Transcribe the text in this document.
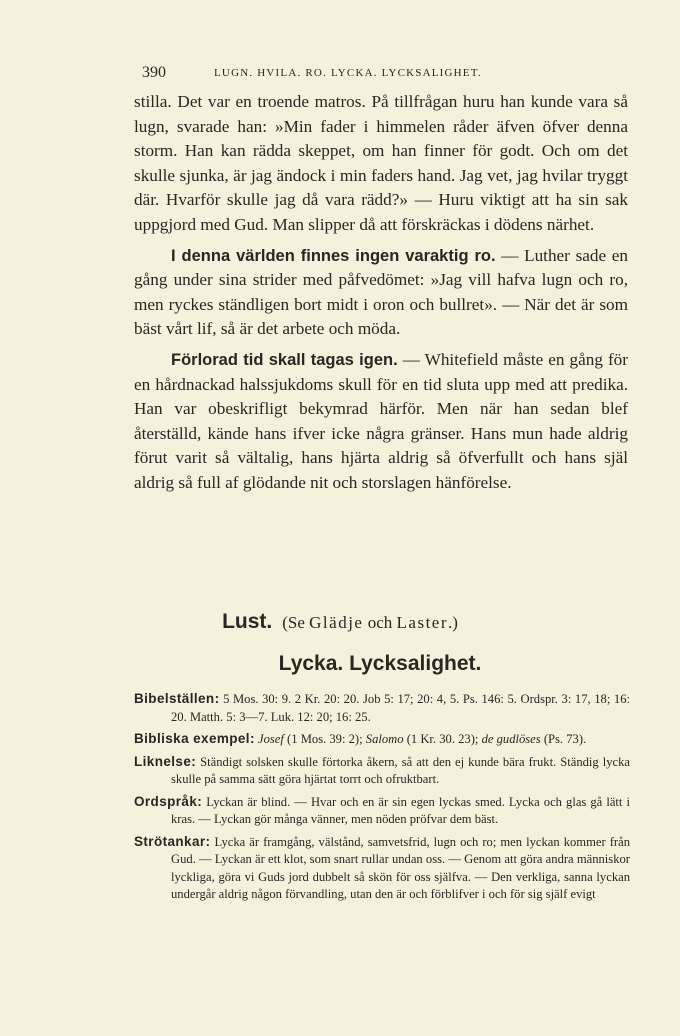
390	LUGN. HVILA. RO. LYCKA. LYCKSALIGHET.

stilla. Det var en troende matros. På tillfrågan huru han kunde vara så lugn, svarade han: »Min fader i himmelen råder äfven öfver denna storm. Han kan rädda skeppet, om han finner för godt. Och om det skulle sjunka, är jag ändock i min faders hand. Jag vet, jag hvilar tryggt där. Hvarför skulle jag då vara rädd?» — Huru viktigt att ha sin sak uppgjord med Gud. Man slipper då att förskräckas i dödens närhet.

I denna världen finnes ingen varaktig ro. — Luther sade en gång under sina strider med påfvedömet: »Jag vill hafva lugn och ro, men ryckes ständligen bort midt i oron och bullret». — När det är som bäst vårt lif, så är det arbete och möda.

Förlorad tid skall tagas igen. — Whitefield måste en gång för en hårdnackad halssjukdoms skull för en tid sluta upp med att predika. Han var obeskrifligt bekymrad härför. Men när han sedan blef återställd, kände hans ifver icke några gränser. Hans mun hade aldrig förut varit så vältalig, hans hjärta aldrig så öfverfullt och hans själ aldrig så full af glödande nit och storslagen hänförelse.

Lust. (Se Glädje och Laster.)
Lycka. Lycksalighet.

Bibelställen: 5 Mos. 30: 9. 2 Kr. 20: 20. Job 5: 17; 20: 4, 5. Ps. 146: 5. Ordspr. 3: 17, 18; 16: 20. Matth. 5: 3—7. Luk. 12: 20; 16: 25.

Bibliska exempel: Josef (1 Mos. 39: 2); Salomo (1 Kr. 30. 23); de gudlöses (Ps. 73).

Liknelse: Ständigt solsken skulle förtorka åkern, så att den ej kunde bära frukt. Ständig lycka skulle på samma sätt göra hjärtat torrt och ofruktbart.

Ordspråk: Lyckan är blind. — Hvar och en är sin egen lyckas smed. Lycka och glas gå lätt i kras. — Lyckan gör många vänner, men nöden pröfvar dem bäst.

Strötankar: Lycka är framgång, välstånd, samvetsfrid, lugn och ro; men lyckan kommer från Gud. — Lyckan är ett klot, som snart rullar undan oss. — Genom att göra andra människor lyckliga, göra vi Guds jord dubbelt så skön för oss själfva. — Den verkliga, sanna lyckan undergår aldrig någon förvandling, utan den är och förblifver i och för sig själf evigt
